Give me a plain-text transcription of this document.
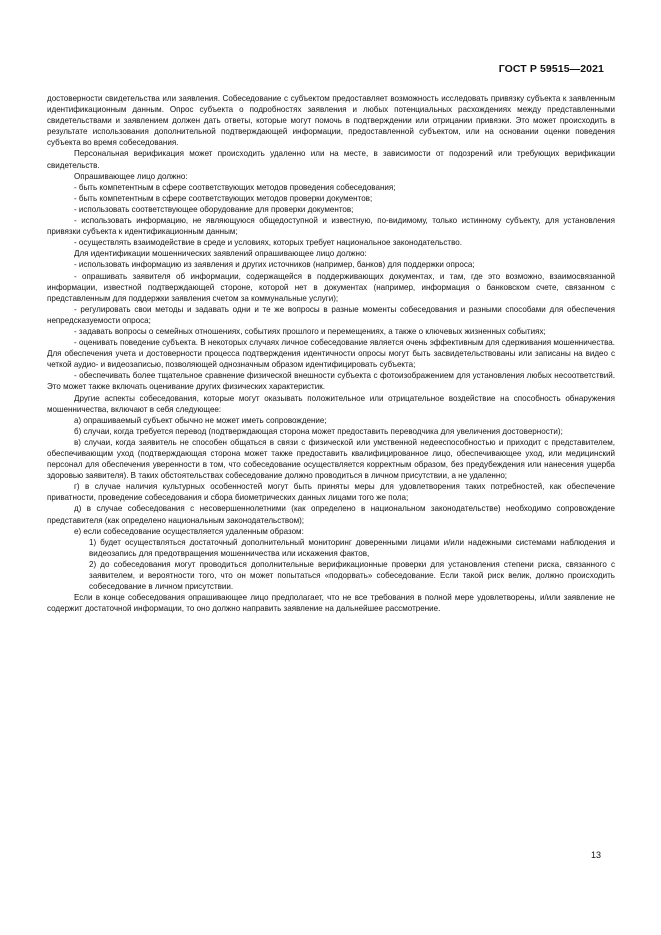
ГОСТ Р 59515—2021

достоверности свидетельства или заявления. Собеседование с субъектом предоставляет возможность исследовать привязку субъекта к заявленным идентификационным данным. Опрос субъекта о подробностях заявления и любых потенциальных расхождениях между представленными свидетельствами и заявлением должен дать ответы, которые могут помочь в подтверждении или отрицании привязки. Это может происходить в результате использования дополнительной подтверждающей информации, предоставленной субъектом, или на основании оценки поведения субъекта во время собеседования.

Персональная верификация может происходить удаленно или на месте, в зависимости от подозрений или требующих верификации свидетельств.

Опрашивающее лицо должно:

- быть компетентным в сфере соответствующих методов проведения собеседования;

- быть компетентным в сфере соответствующих методов проверки документов;

- использовать соответствующее оборудование для проверки документов;

- использовать информацию, не являющуюся общедоступной и известную, по-видимому, только истинному субъекту, для установления привязки субъекта к идентификационным данным;

- осуществлять взаимодействие в среде и условиях, которых требует национальное законодательство.

Для идентификации мошеннических заявлений опрашивающее лицо должно:

- использовать информацию из заявления и других источников (например, банков) для поддержки опроса;

- опрашивать заявителя об информации, содержащейся в поддерживающих документах, и там, где это возможно, взаимосвязанной информации, известной подтверждающей стороне, которой нет в документах (например, информация о банковском счете, связанном с представленным для поддержки заявления счетом за коммунальные услуги);

- регулировать свои методы и задавать одни и те же вопросы в разные моменты собеседования и разными способами для обеспечения непредсказуемости опроса;

- задавать вопросы о семейных отношениях, событиях прошлого и перемещениях, а также о ключевых жизненных событиях;

- оценивать поведение субъекта. В некоторых случаях личное собеседование является очень эффективным для сдерживания мошенничества. Для обеспечения учета и достоверности процесса подтверждения идентичности опросы могут быть засвидетельствованы или записаны на видео с четкой аудио- и видеозаписью, позволяющей однозначным образом идентифицировать субъекта;

- обеспечивать более тщательное сравнение физической внешности субъекта с фотоизображением для установления любых несоответствий. Это может также включать оценивание других физических характеристик.

Другие аспекты собеседования, которые могут оказывать положительное или отрицательное воздействие на способность обнаружения мошенничества, включают в себя следующее:

а) опрашиваемый субъект обычно не может иметь сопровождение;

б) случаи, когда требуется перевод (подтверждающая сторона может предоставить переводчика для увеличения достоверности);

в) случаи, когда заявитель не способен общаться в связи с физической или умственной недееспособностью и приходит с представителем, обеспечивающим уход (подтверждающая сторона может также предоставить квалифицированное лицо, обеспечивающее уход, или медицинский персонал для обеспечения уверенности в том, что собеседование осуществляется корректным образом, без предубеждения или нанесения ущерба здоровью заявителя). В таких обстоятельствах собеседование должно проводиться в личном присутствии, а не удаленно;

г) в случае наличия культурных особенностей могут быть приняты меры для удовлетворения таких потребностей, как обеспечение приватности, проведение собеседования и сбора биометрических данных лицами того же пола;

д) в случае собеседования с несовершеннолетними (как определено в национальном законодательстве) необходимо сопровождение представителя (как определено национальным законодательством);

е) если собеседование осуществляется удаленным образом:

1) будет осуществляться достаточный дополнительный мониторинг доверенными лицами и/или надежными системами наблюдения и видеозапись для предотвращения мошенничества или искажения фактов,

2) до собеседования могут проводиться дополнительные верификационные проверки для установления степени риска, связанного с заявителем, и вероятности того, что он может попытаться «подорвать» собеседование. Если такой риск велик, должно происходить собеседование в личном присутствии.

Если в конце собеседования опрашивающее лицо предполагает, что не все требования в полной мере удовлетворены, и/или заявление не содержит достаточной информации, то оно должно направить заявление на дальнейшее рассмотрение.

13
